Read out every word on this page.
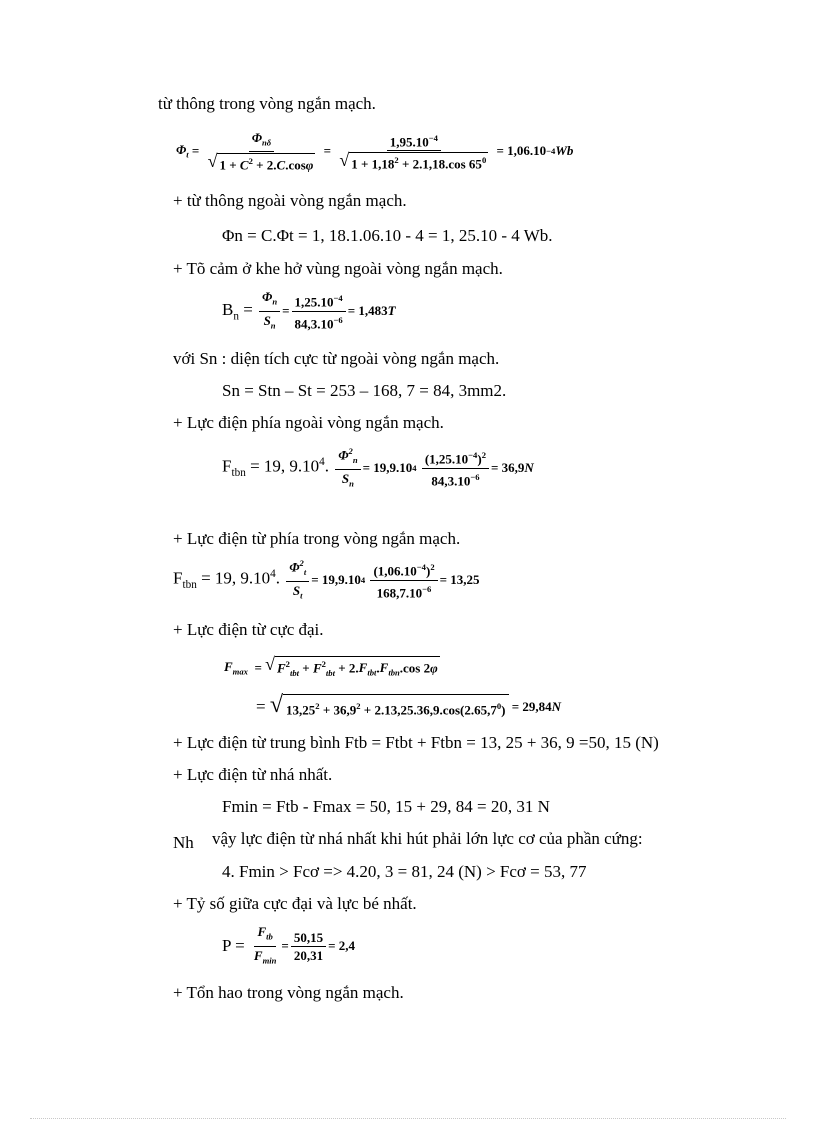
từ thông trong vòng ngắn mạch.
$\Phi_t = \frac{\Phi_{n\delta}}{√ 1 + C^2 + 2.C.\cos\varphi} = \frac{1,95.10^{-4}}{√ 1 + 1,18^2 + 2.1,18.\cos 65^0} = 1,06.10 -4$ Wb
+ từ thông ngoài vòng ngắn mạch.
Φn = C.Φt = 1, 18.1.06.10 - 4 = 1, 25.10 - 4 Wb.
+ Tõ cảm ở khe hở vùng ngoài vòng ngắn mạch.
$B_n = \frac{\Phi_n}{S_n} = \frac{1,25.10^{-4}}{84,3.10^{-6}} = 1,483$ T
với Sn : diện tích cực từ ngoài vòng ngắn mạch.
Sn = Stn – St = 253 – 168, 7 = 84, 3mm2.
+ Lực điện phía ngoài vòng ngắn mạch.
$F_{tbn} = 19$, 9.10$^4$. $\frac{\Phi^2_n}{S_n} = 19,9.10$ 4
$\frac{(1,25.10^{-4})^2}{84,3.10^{-6}} = 36,9$ N
+ Lực điện từ phía trong vòng ngắn mạch.
$F_{tbn} = 19$, 9.10$^4$. $\frac{\Phi^2_t}{S_t} = 19,9.10$ 4
$\frac{(1,06.10^{-4})^2}{168,7.10^{-6}} = 13,25$
+ Lực điện từ cực đại.
$F_{max}$ = √ $F^2_{tbt} + F^2_{tbt} + 2.F_{tbt}.F_{tbn}.\cos$ 2φ
= √ $13,25^2 + 36,9^2 + 2.13,25.36,9.\cos(2.65,7^0) = 29,84$ N
+ Lực điện từ trung bình Ftb = Ftbt + Ftbn = 13, 25 + 36, 9 =50, 15 (N)
+ Lực điện từ nhá nhất.
Fmin = Ftb - Fmax = 50, 15 + 29, 84 = 20, 31 N
Nh vậy lực điện từ nhá nhất khi hút phải lớn lực cơ của phần cứng:
4. Fmin > Fcơ => 4.20, 3 = 81, 24 (N) > Fcơ = 53, 77
+ Tỷ số giữa cực đại và lực bé nhất.
$P = \frac{F_{tb}}{F_{min}} = \frac{50,15}{20,31} = 2,4$
+ Tổn hao trong vòng ngắn mạch.
